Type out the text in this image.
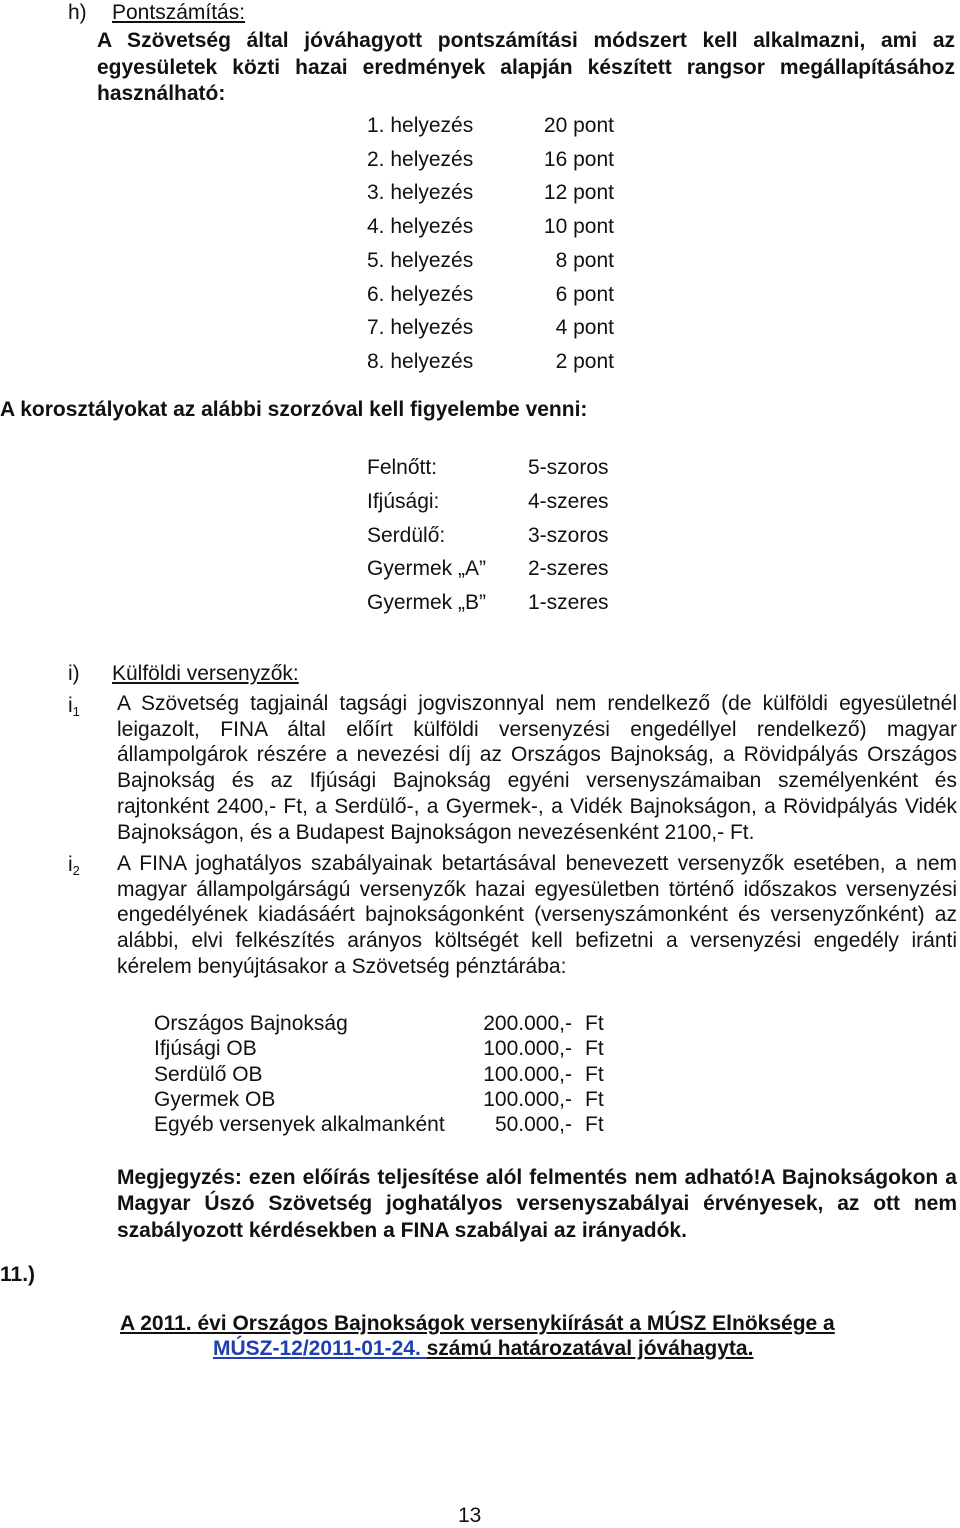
h) Pontszámítás:
A Szövetség által jóváhagyott pontszámítási módszert kell alkalmazni, ami az egyesületek közti hazai eredmények alapján készített rangsor megállapításához használható:
1. helyezés	20 pont
2. helyezés	16 pont
3. helyezés	12 pont
4. helyezés	10 pont
5. helyezés	8 pont
6. helyezés	6 pont
7. helyezés	4 pont
8. helyezés	2 pont
A korosztályokat az alábbi szorzóval kell figyelembe venni:
Felnőtt:	5-szoros
Ifjúsági:	4-szeres
Serdülő:	3-szoros
Gyermek „A” 2-szeres
Gyermek „B” 1-szeres
i) Külföldi versenyzők:
$i_1$ A Szövetség tagjainál tagsági jogviszonnyal nem rendelkező (de külföldi egyesületnél leigazolt, FINA által előírt külföldi versenyzési engedéllyel rendelkező) magyar állampolgárok részére a nevezési díj az Országos Bajnokság, a Rövidpályás Országos Bajnokság és az Ifjúsági Bajnokság egyéni versenyszámaiban személyenként és rajtonként 2400,- Ft, a Serdülő-, a Gyermek-, a Vidék Bajnokságon, a Rövidpályás Vidék Bajnokságon, és a Budapest Bajnokságon nevezésenként 2100,- Ft.
$i_2$ A FINA joghatályos szabályainak betartásával benevezett versenyzők esetében, a nem magyar állampolgárságú versenyzők hazai egyesületben történő időszakos versenyzési engedélyének kiadásáért bajnokságonként (versenyszámonként és versenyzőnként) az alábbi, elvi felkészítés arányos költségét kell befizetni a versenyzési engedély iránti kérelem benyújtásakor a Szövetség pénztárába:
Országos Bajnokság	200.000,- Ft
Ifjúsági OB	100.000,- Ft
Serdülő OB	100.000,- Ft
Gyermek OB	100.000,- Ft
Egyéb versenyek alkalmanként	50.000,- Ft
Megjegyzés: ezen előírás teljesítése alól felmentés nem adható!A Bajnokságokon a Magyar Úszó Szövetség joghatályos versenyszabályai érvényesek, az ott nem szabályozott kérdésekben a FINA szabályai az irányadók.
11.)
A 2011. évi Országos Bajnokságok versenykiírását a MÚSZ Elnöksége a
MÚSZ-12/2011-01-24. számú határozatával jóváhagyta.
13
